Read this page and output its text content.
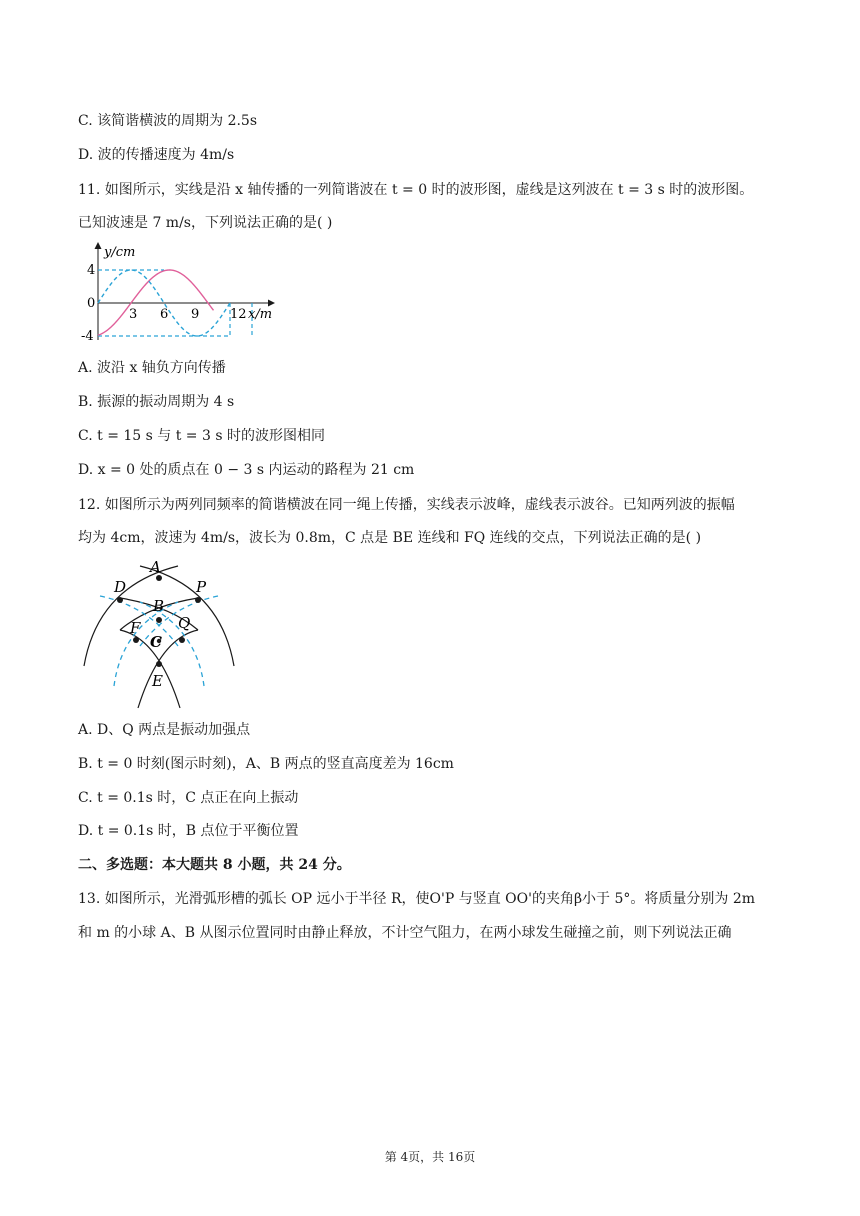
C. 该简谐横波的周期为 2.5s
D. 波的传播速度为 4m/s
11. 如图所示，实线是沿 x 轴传播的一列简谐波在 t = 0 时的波形图，虚线是这列波在 t = 3 s 时的波形图。
已知波速是 7 m/s，下列说法正确的是( )
y/cm
x/m
4
0
-4
3 6 9 12
A. 波沿 x 轴负方向传播
B. 振源的振动周期为 4 s
C. t = 15 s 与 t = 3 s 时的波形图相同
D. x = 0 处的质点在 0 − 3 s 内运动的路程为 21 cm
12. 如图所示为两列同频率的简谐横波在同一绳上传播，实线表示波峰，虚线表示波谷。已知两列波的振幅
均为 4cm，波速为 4m/s，波长为 0.8m，C 点是 BE 连线和 FQ 连线的交点，下列说法正确的是( )
A
D	P
B
F	Q
C
E
A. D、Q 两点是振动加强点
B. t = 0 时刻(图示时刻)，A、B 两点的竖直高度差为 16cm
C. t = 0.1s 时，C 点正在向上振动
D. t = 0.1s 时，B 点位于平衡位置
二、多选题：本大题共 8 小题，共 24 分。
13. 如图所示，光滑弧形槽的弧长 OP 远小于半径 R，使O'P 与竖直 OO'的夹角β小于 5°。将质量分别为 2m
和 m 的小球 A、B 从图示位置同时由静止释放，不计空气阻力，在两小球发生碰撞之前，则下列说法正确
第 4页，共 16页
